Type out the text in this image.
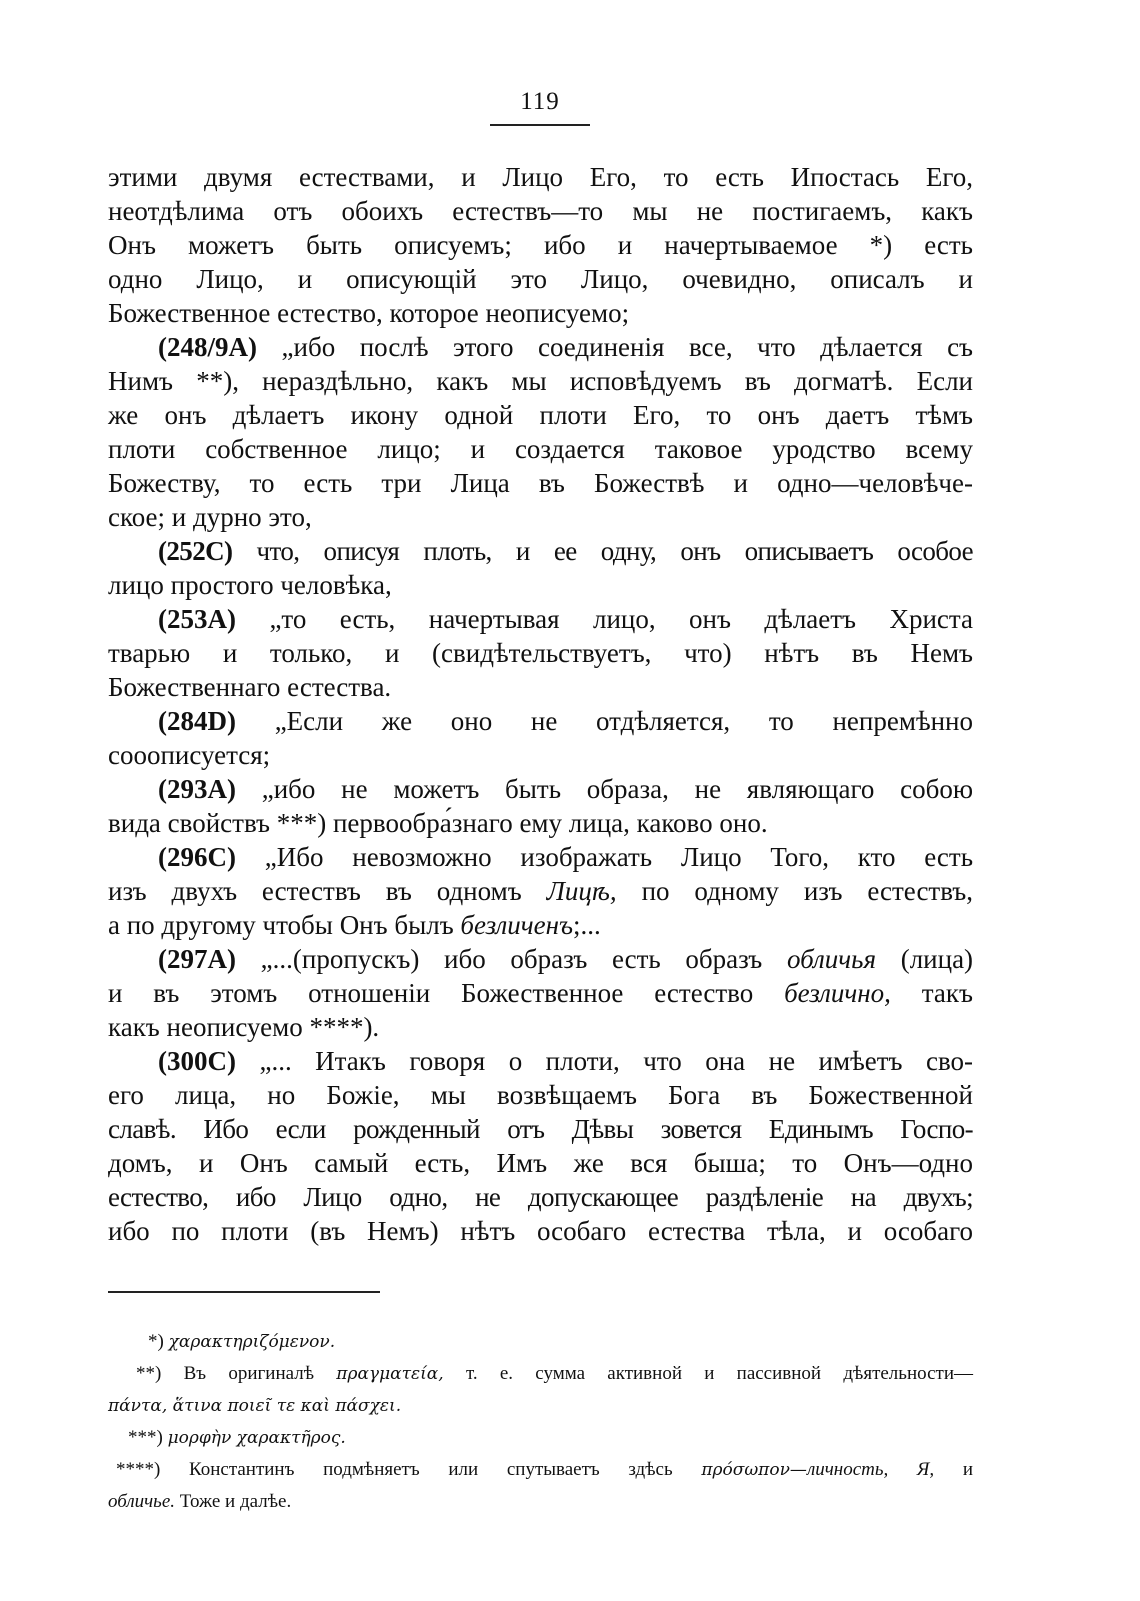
119
этими двумя естествами, и Лицо Его, то есть Ипостась Его,
неотдѣлима отъ обоихъ естествъ—то мы не постигаемъ, какъ
Онъ можетъ быть описуемъ; ибо и начертываемое *) есть
одно Лицо, и описующій это Лицо, очевидно, описалъ и
Божественное естество, которое неописуемо;
(248/9А) „ибо послѣ этого соединенія все, что дѣлается съ
Нимъ **), нераздѣльно, какъ мы исповѣдуемъ въ догматѣ. Если
же онъ дѣлаетъ икону одной плоти Его, то онъ даетъ тѣмъ
плоти собственное лицо; и создается таковое уродство всему
Божеству, то есть три Лица въ Божествѣ и одно—человѣче-
ское; и дурно это,
(252С) что, описуя плоть, и ее одну, онъ описываетъ особое
лицо простого человѣка,
(253А) „то есть, начертывая лицо, онъ дѣлаетъ Христа
тварью и только, и (свидѣтельствуетъ, что) нѣтъ въ Немъ
Божественнаго естества.
(284D) „Если же оно не отдѣляется, то непремѣнно
сооописуется;
(293А) „ибо не можетъ быть образа, не являющаго собою
вида свойствъ ***) первообра́знаго ему лица, каково оно.
(296С) „Ибо невозможно изображать Лицо Того, кто есть
изъ двухъ естествъ въ одномъ Лицѣ, по одному изъ естествъ,
а по другому чтобы Онъ былъ безличенъ;...
(297А) „...(пропускъ) ибо образъ есть образъ обличья (лица)
и въ этомъ отношеніи Божественное естество безлично, такъ
какъ неописуемо ****).
(300С) „... Итакъ говоря о плоти, что она не имѣетъ сво-
его лица, но Божіе, мы возвѣщаемъ Бога въ Божественной
славѣ. Ибо если рожденный отъ Дѣвы зовется Единымъ Госпо-
домъ, и Онъ самый есть, Имъ же вся быша; то Онъ—одно
естество, ибо Лицо одно, не допускающее раздѣленіе на двухъ;
ибо по плоти (въ Немъ) нѣтъ особаго естества тѣла, и особаго
*) χαρακτηριζόμενον.
**) Въ оригиналѣ πραγματεία, т. е. сумма активной и пассивной дѣятельности—
πάντα, ἅτινα ποιεῖ τε καὶ πάσχει.
***) μορφὴν χαρακτῆρος.
****) Константинъ подмѣняетъ или спутываетъ здѣсь πρόσωπον—личность, Я, и
обличье. Тоже и далѣе.
